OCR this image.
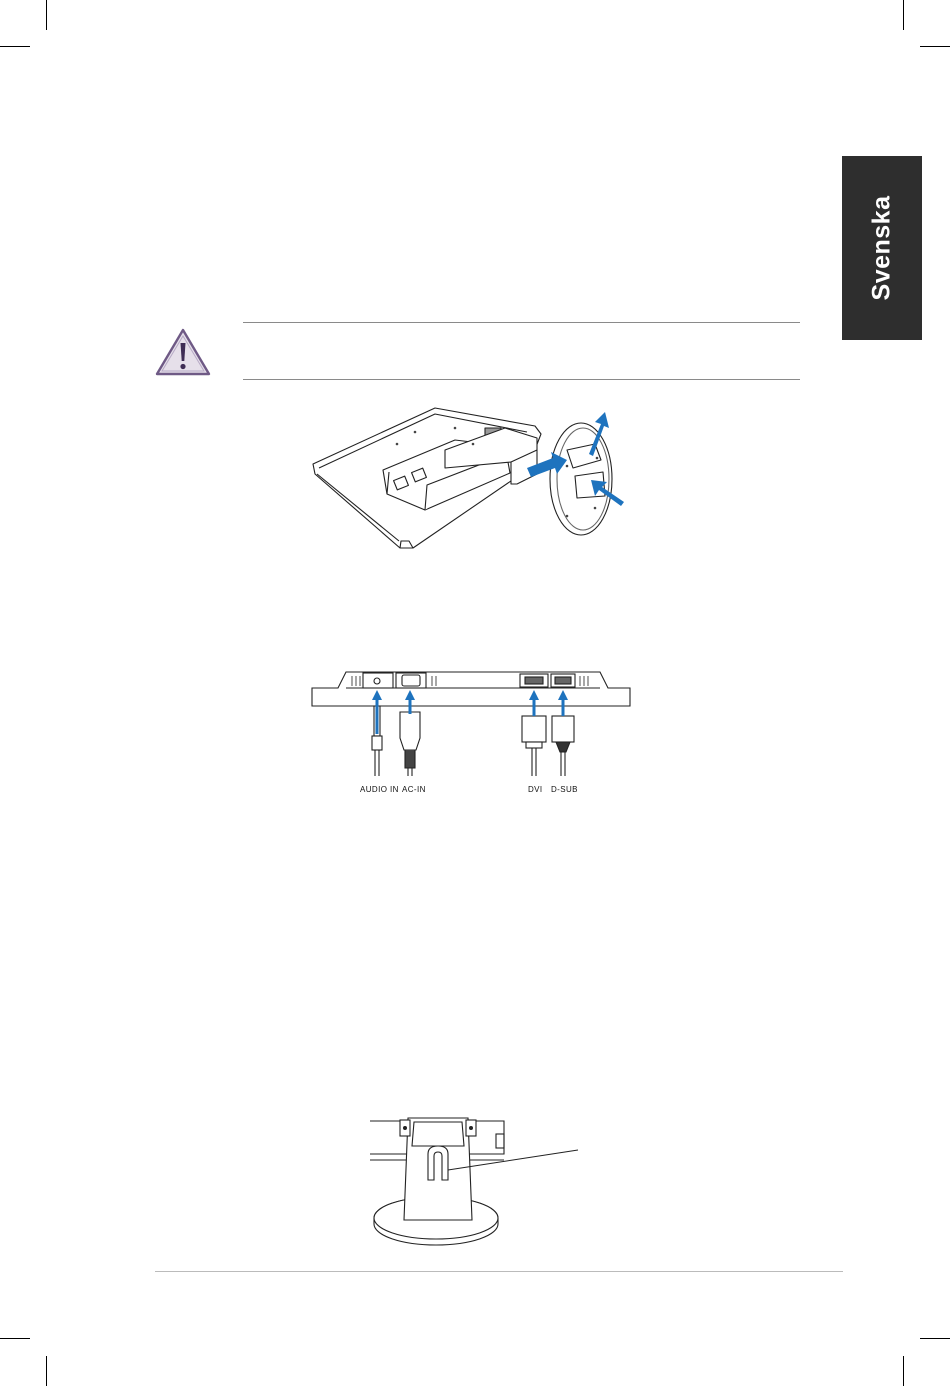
Svenska
AUDIO IN AC-IN	DVI D-SUB
